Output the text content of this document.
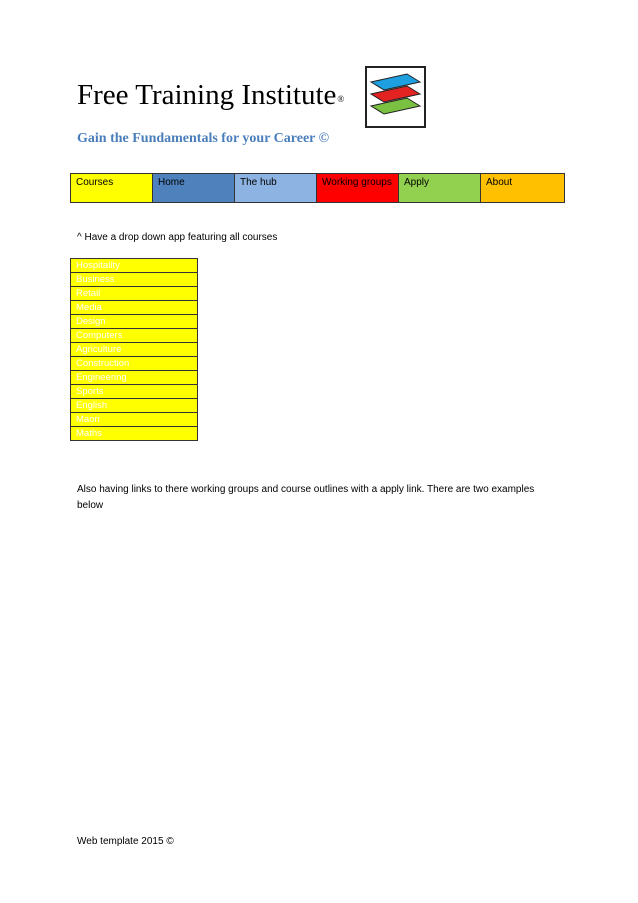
Free Training Institute®
Gain the Fundamentals for your Career ©
Courses	Home	The hub	Working groups	Apply	About
^ Have a drop down app featuring all courses
Hospitality
Business
Retail
Media
Design
Computers
Agriculture
Construction
Engineering
Sports
English
Maori
Maths
Also having links to there working groups and course outlines with a apply link. There are two examples below
Web template 2015 ©
